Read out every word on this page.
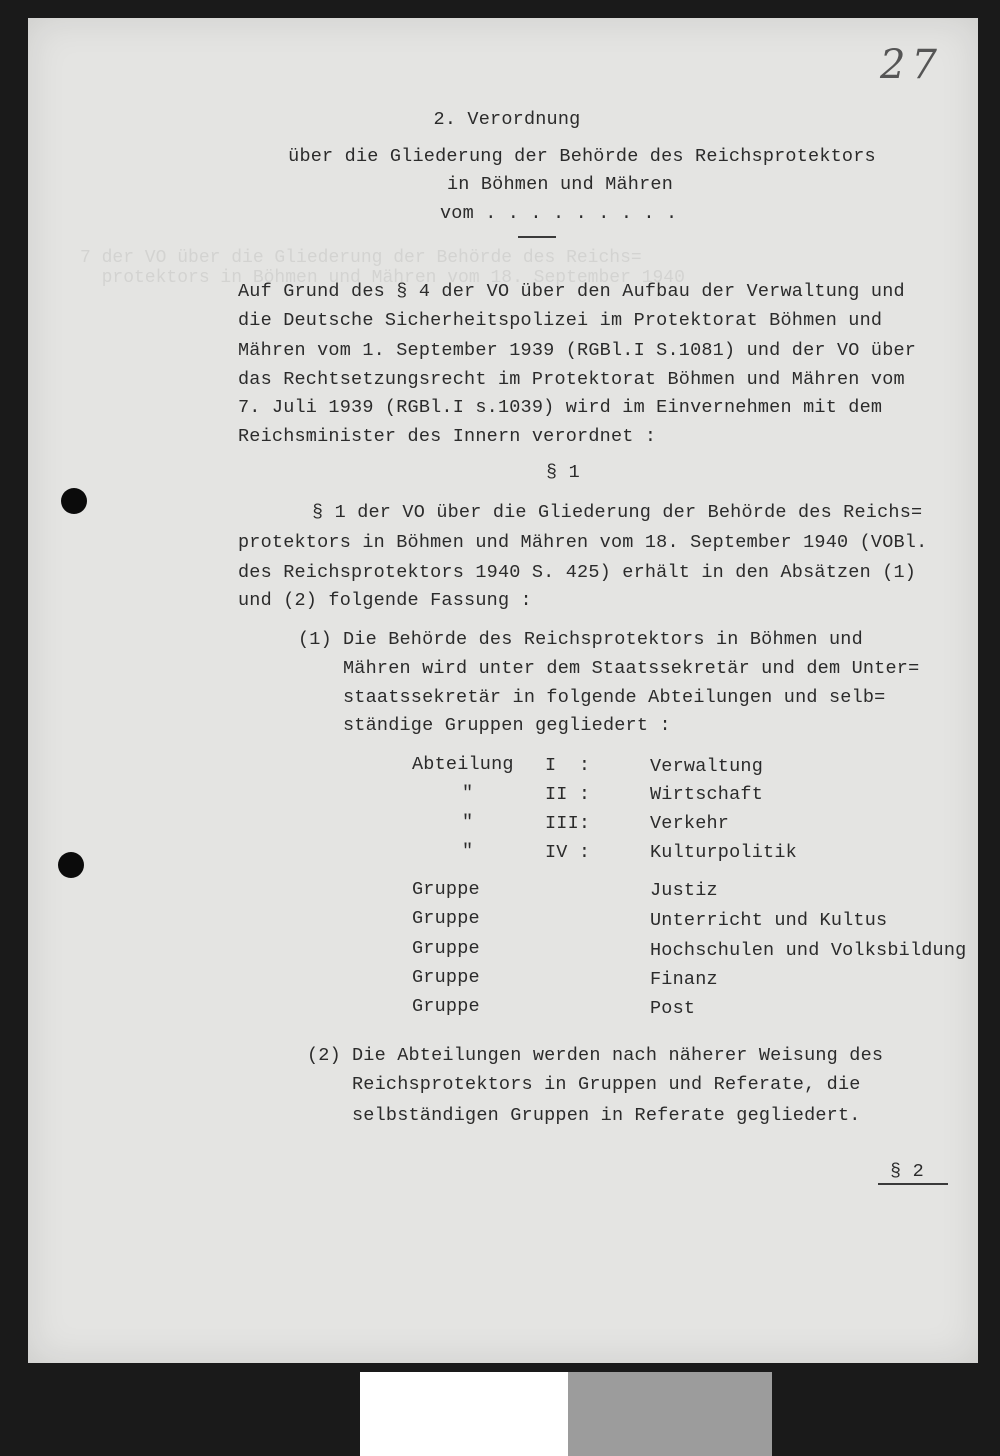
7 der VO über die Gliederung der Behörde des Reichs=
protektors in Böhmen und Mähren vom 18. September 1940

27
2. Verordnung
über die Gliederung der Behörde des Reichsprotektors
in Böhmen und Mähren
vom . . . . . . . . .
Auf Grund des § 4 der VO über den Aufbau der Verwaltung und
die Deutsche Sicherheitspolizei im Protektorat Böhmen und
Mähren vom 1. September 1939 (RGBl.I S.1081) und der VO über
das Rechtsetzungsrecht im Protektorat Böhmen und Mähren vom
7. Juli 1939 (RGBl.I s.1039) wird im Einvernehmen mit dem
Reichsminister des Innern verordnet :
§ 1
§ 1 der VO über die Gliederung der Behörde des Reichs=
protektors in Böhmen und Mähren vom 18. September 1940 (VOBl.
des Reichsprotektors 1940 S. 425) erhält in den Absätzen (1)
und (2) folgende Fassung :
(1) Die Behörde des Reichsprotektors in Böhmen und
Mähren wird unter dem Staatssekretär und dem Unter=
staatssekretär in folgende Abteilungen und selb=
ständige Gruppen gegliedert :
Abteilung I  :	Verwaltung
"	II :	Wirtschaft
"	III:	Verkehr
"	IV :	Kulturpolitik
Gruppe	Justiz
Gruppe	Unterricht und Kultus
Gruppe	Hochschulen und Volksbildung
Gruppe	Finanz
Gruppe	Post
(2) Die Abteilungen werden nach näherer Weisung des
Reichsprotektors in Gruppen und Referate, die
selbständigen Gruppen in Referate gegliedert.
§ 2
